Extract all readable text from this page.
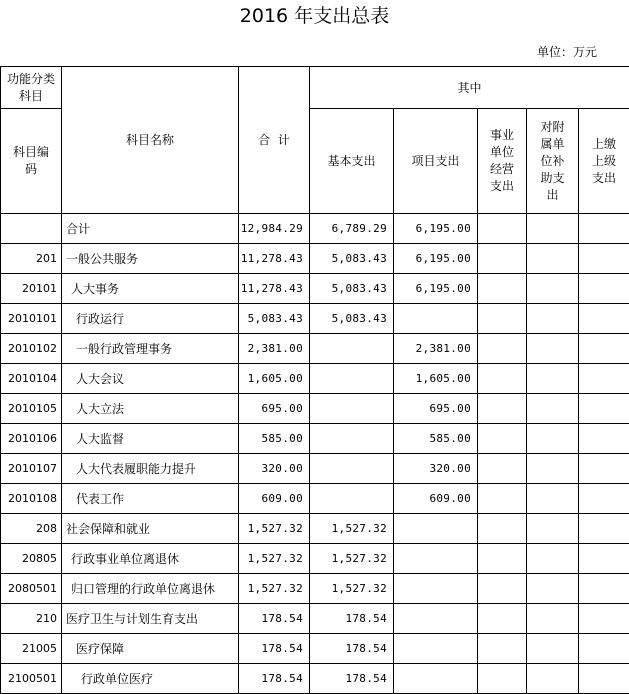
2016 年支出总表
单位：万元
功能分类科目	科目名称	合  计	其中				
科目编码			基本支出	项目支出	事业单位经营支出	对附属单位补助支出	上缴上级支出

	合计	12,984.29	6,789.29	6,195.00			
201	一般公共服务	11,278.43	5,083.43	6,195.00			
20101	人大事务	11,278.43	5,083.43	6,195.00			
2010101	行政运行	5,083.43	5,083.43				
2010102	一般行政管理事务	2,381.00		2,381.00			
2010104	人大会议	1,605.00		1,605.00			
2010105	人大立法	695.00		695.00			
2010106	人大监督	585.00		585.00			
2010107	人大代表履职能力提升	320.00		320.00			
2010108	代表工作	609.00		609.00			
208	社会保障和就业	1,527.32	1,527.32				
20805	行政事业单位离退休	1,527.32	1,527.32				
2080501	归口管理的行政单位离退休	1,527.32	1,527.32				
210	医疗卫生与计划生育支出	178.54	178.54				
21005	医疗保障	178.54	178.54				
2100501	行政单位医疗	178.54	178.54				
